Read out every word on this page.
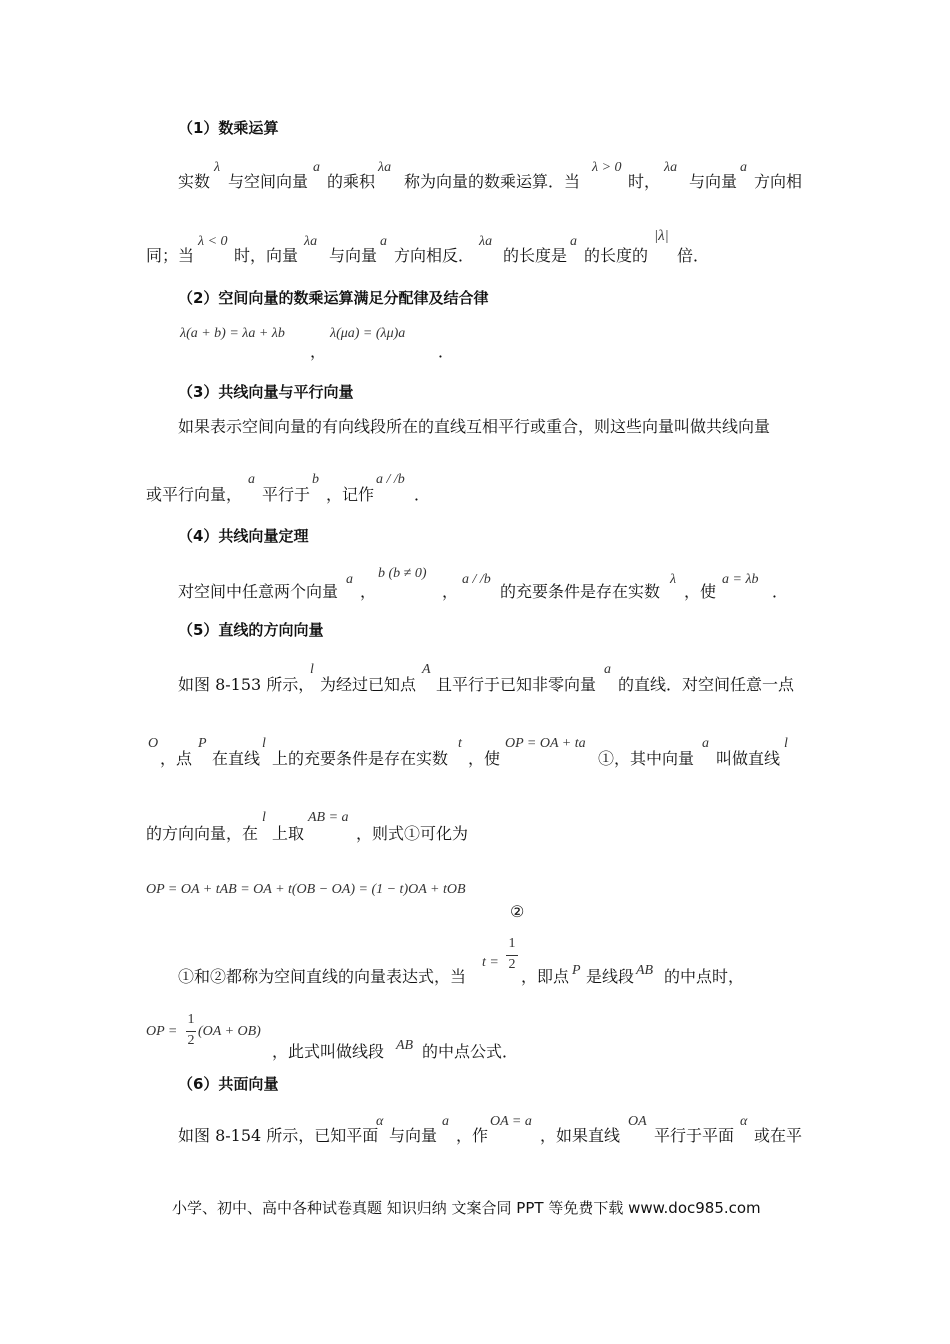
（1）数乘运算
（2）空间向量的数乘运算满足分配律及结合律
（3）共线向量与平行向量
（4）共线向量定理
（5）直线的方向向量
（6）共面向量
实数
λ
与空间向量
a
的乘积
λa
称为向量的数乘运算．当
λ > 0
时，
λa
与向量
a
方向相
同；当
λ < 0
时，向量
λa
与向量
a
方向相反．
λa
的长度是
a
的长度的
|λ|
倍．
λ(a + b) = λa + λb
，
λ(μa) = (λμ)a
．
如果表示空间向量的有向线段所在的直线互相平行或重合，则这些向量叫做共线向量
或平行向量，
a
平行于
b
，记作
a / /b
．
对空间中任意两个向量
a
，
b (b ≠ 0)
，
a / /b
的充要条件是存在实数
λ
，使
a = λb
．
如图 8-153 所示，
l
为经过已知点
A
且平行于已知非零向量
a
的直线．对空间任意一点
O
，点
P
在直线
l
上的充要条件是存在实数
t
，使
OP = OA + ta
①，其中向量
a
叫做直线
l
的方向向量，在
l
上取
AB = a
，则式①可化为
OP = OA + tAB = OA + t(OB − OA) = (1 − t)OA + tOB
②
①和②都称为空间直线的向量表达式，当
t =
1
2
，即点 P 是线段 AB 的中点时，
OP =
1
2
(OA + OB)
，此式叫做线段 AB 的中点公式．
如图 8-154 所示，已知平面
α
与向量
a
，作
OA = a
，如果直线
OA
平行于平面
α
或在平
小学、初中、高中各种试卷真题 知识归纳 文案合同 PPT 等免费下载 www.doc985.com
